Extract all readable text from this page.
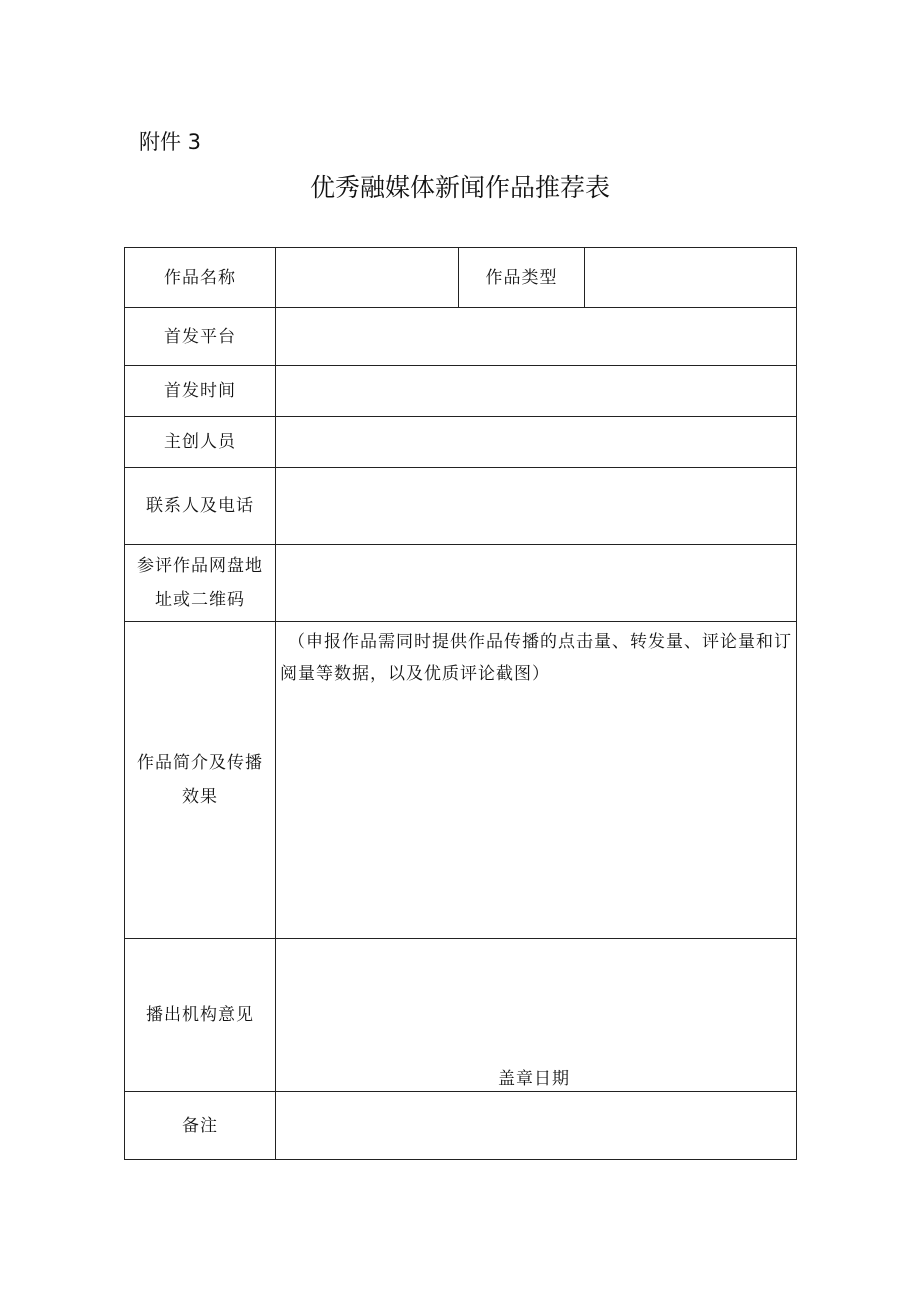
附件 3
优秀融媒体新闻作品推荐表
作品名称		作品类型	
首发平台			
首发时间			
主创人员			
联系人及电话			
参评作品网盘地
址或二维码			
作品简介及传播
效果	（申报作品需同时提供作品传播的点击量、转发量、评论量和订阅量等数据，以及优质评论截图）		

播出机构意见	盖章日期		

备注			
